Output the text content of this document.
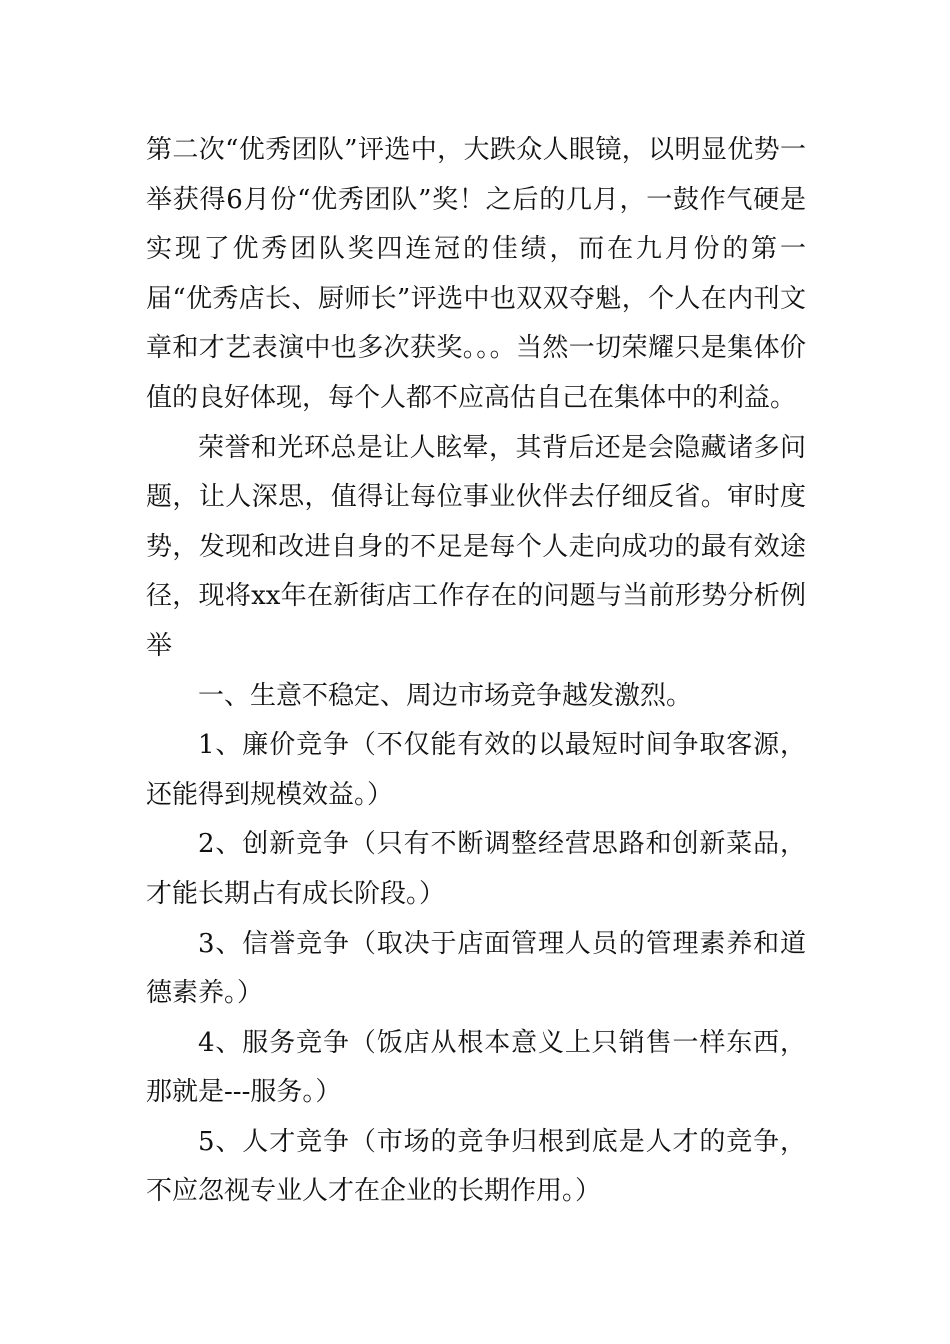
第二次“优秀团队”评选中，大跌众人眼镜，以明显优势一举获得6月份“优秀团队”奖！之后的几月，一鼓作气硬是实现了优秀团队奖四连冠的佳绩，而在九月份的第一届“优秀店长、厨师长”评选中也双双夺魁，个人在内刊文章和才艺表演中也多次获奖。。。当然一切荣耀只是集体价值的良好体现，每个人都不应高估自己在集体中的利益。

荣誉和光环总是让人眩晕，其背后还是会隐藏诸多问题，让人深思，值得让每位事业伙伴去仔细反省。审时度势，发现和改进自身的不足是每个人走向成功的最有效途径，现将xx年在新街店工作存在的问题与当前形势分析例举

一、生意不稳定、周边市场竞争越发激烈。

1、廉价竞争（不仅能有效的以最短时间争取客源，还能得到规模效益。）

2、创新竞争（只有不断调整经营思路和创新菜品，才能长期占有成长阶段。）

3、信誉竞争（取决于店面管理人员的管理素养和道德素养。）

4、服务竞争（饭店从根本意义上只销售一样东西，那就是---服务。）

5、人才竞争（市场的竞争归根到底是人才的竞争，不应忽视专业人才在企业的长期作用。）
